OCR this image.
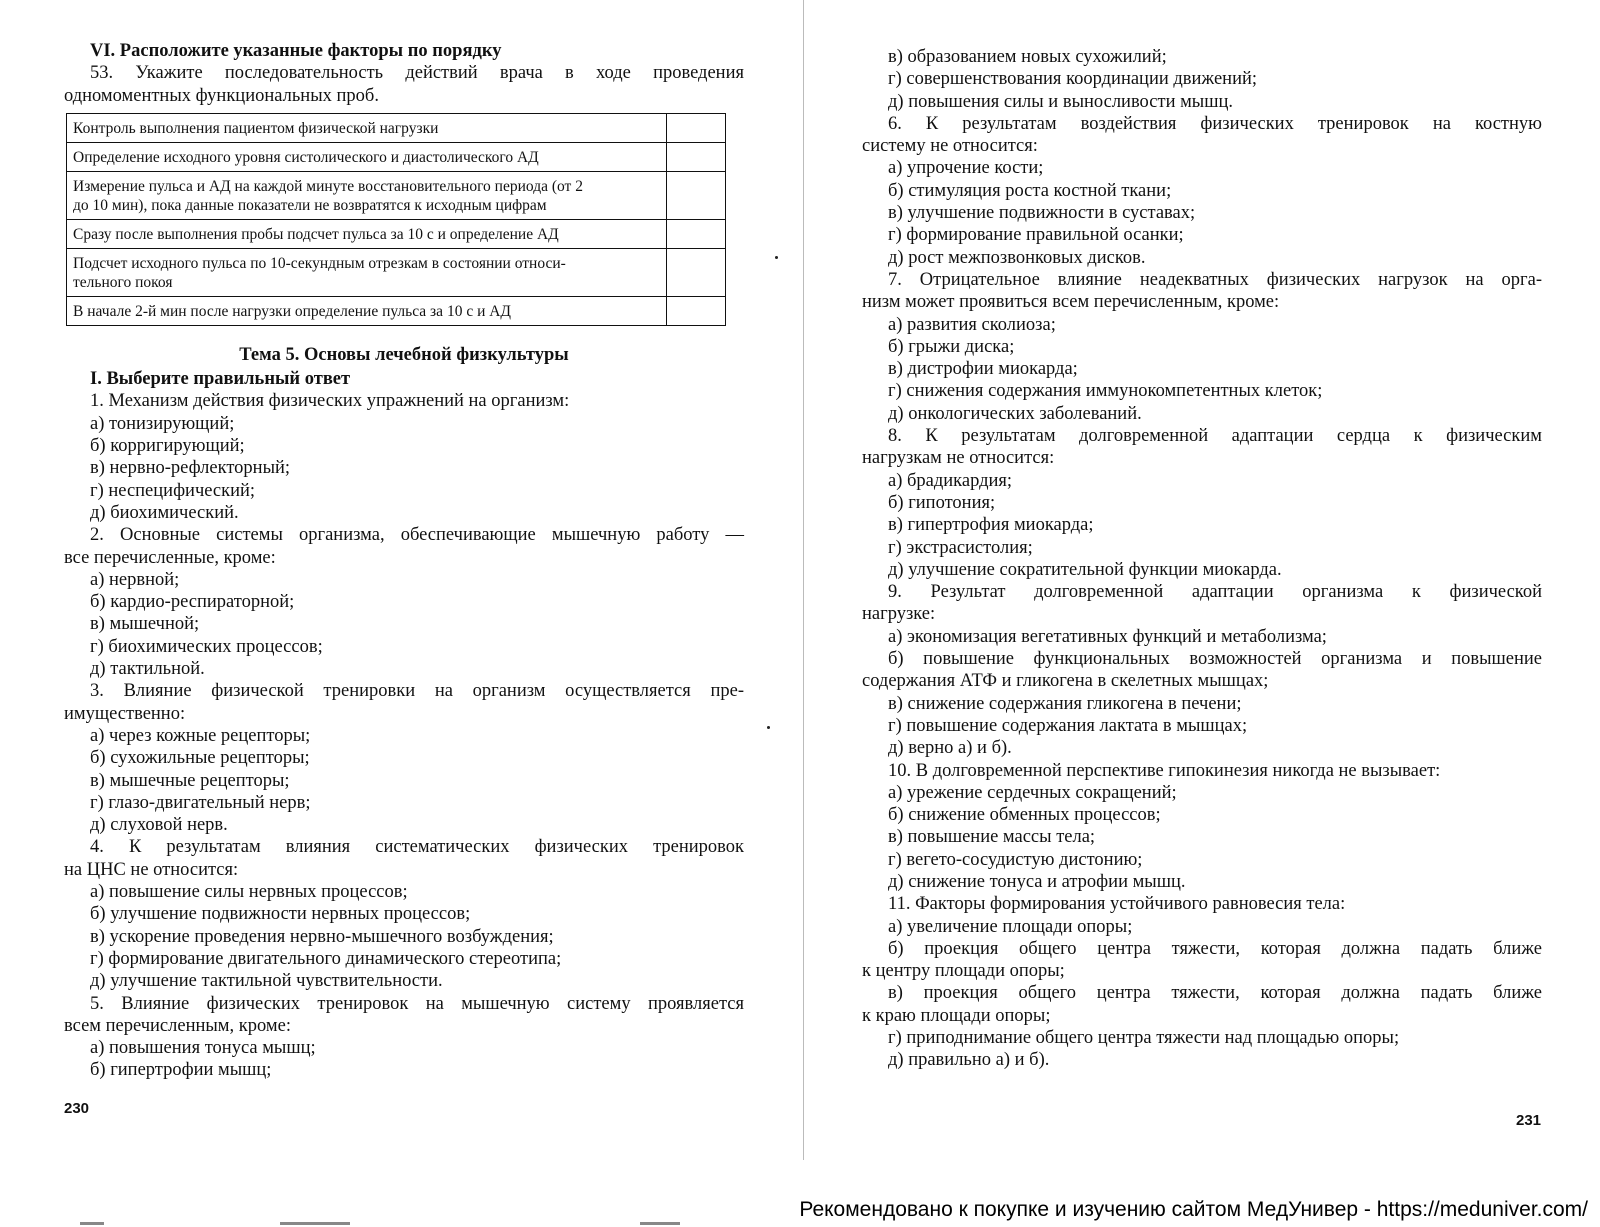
VI. Расположите указанные факторы по порядку
53. Укажите последовательность действий врача в ходе проведения
одномоментных функциональных проб.
Контроль выполнения пациентом физической нагрузки	

Определение исходного уровня систолического и диастолического АД	

Измерение пульса и АД на каждой минуте восстановительного периода (от 2
до 10 мин), пока данные показатели не возвратятся к исходным цифрам	

Сразу после выполнения пробы подсчет пульса за 10 с и определение АД	

Подсчет исходного пульса по 10-секундным отрезкам в состоянии относи-
тельного покоя	

В начале 2-й мин после нагрузки определение пульса за 10 с и АД	

Тема 5. Основы лечебной физкультуры
I. Выберите правильный ответ
1. Механизм действия физических упражнений на организм:
а) тонизирующий;
б) корригирующий;
в) нервно-рефлекторный;
г) неспецифический;
д) биохимический.
2. Основные системы организма, обеспечивающие мышечную работу —
все перечисленные, кроме:
а) нервной;
б) кардио-респираторной;
в) мышечной;
г) биохимических процессов;
д) тактильной.
3. Влияние физической тренировки на организм осуществляется пре-
имущественно:
а) через кожные рецепторы;
б) сухожильные рецепторы;
в) мышечные рецепторы;
г) глазо-двигательный нерв;
д) слуховой нерв.
4. К результатам влияния систематических физических тренировок
на ЦНС не относится:
а) повышение силы нервных процессов;
б) улучшение подвижности нервных процессов;
в) ускорение проведения нервно-мышечного возбуждения;
г) формирование двигательного динамического стереотипа;
д) улучшение тактильной чувствительности.
5. Влияние физических тренировок на мышечную систему проявляется
всем перечисленным, кроме:
а) повышения тонуса мышц;
б) гипертрофии мышц;
230
в) образованием новых сухожилий;
г) совершенствования координации движений;
д) повышения силы и выносливости мышц.
6. К результатам воздействия физических тренировок на костную
систему не относится:
а) упрочение кости;
б) стимуляция роста костной ткани;
в) улучшение подвижности в суставах;
г) формирование правильной осанки;
д) рост межпозвонковых дисков.
7. Отрицательное влияние неадекватных физических нагрузок на орга-
низм может проявиться всем перечисленным, кроме:
а) развития сколиоза;
б) грыжи диска;
в) дистрофии миокарда;
г) снижения содержания иммунокомпетентных клеток;
д) онкологических заболеваний.
8. К результатам долговременной адаптации сердца к физическим
нагрузкам не относится:
а) брадикардия;
б) гипотония;
в) гипертрофия миокарда;
г) экстрасистолия;
д) улучшение сократительной функции миокарда.
9. Результат долговременной адаптации организма к физической
нагрузке:
а) экономизация вегетативных функций и метаболизма;
б) повышение функциональных возможностей организма и повышение
содержания АТФ и гликогена в скелетных мышцах;
в) снижение содержания гликогена в печени;
г) повышение содержания лактата в мышцах;
д) верно а) и б).
10. В долговременной перспективе гипокинезия никогда не вызывает:
а) урежение сердечных сокращений;
б) снижение обменных процессов;
в) повышение массы тела;
г) вегето-сосудистую дистонию;
д) снижение тонуса и атрофии мышц.
11. Факторы формирования устойчивого равновесия тела:
а) увеличение площади опоры;
б) проекция общего центра тяжести, которая должна падать ближе
к центру площади опоры;
в) проекция общего центра тяжести, которая должна падать ближе
к краю площади опоры;
г) приподнимание общего центра тяжести над площадью опоры;
д) правильно а) и б).
231
Рекомендовано к покупке и изучению сайтом МедУнивер - https://meduniver.com/
